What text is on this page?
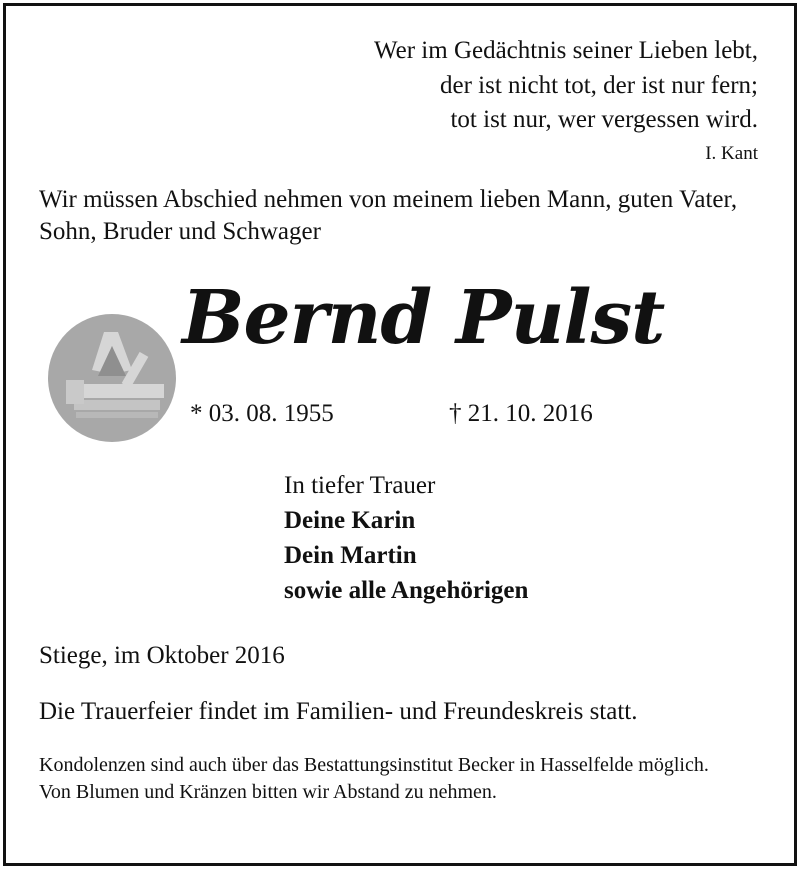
Wer im Gedächtnis seiner Lieben lebt,
der ist nicht tot, der ist nur fern;
tot ist nur, wer vergessen wird.
I. Kant
Wir müssen Abschied nehmen von meinem lieben Mann, guten Vater, Sohn, Bruder und Schwager
Bernd Pulst
* 03. 08. 1955	† 21. 10. 2016
In tiefer Trauer
Deine Karin
Dein Martin
sowie alle Angehörigen
Stiege, im Oktober 2016
Die Trauerfeier findet im Familien- und Freundeskreis statt.
Kondolenzen sind auch über das Bestattungsinstitut Becker in Hasselfelde möglich.
Von Blumen und Kränzen bitten wir Abstand zu nehmen.
